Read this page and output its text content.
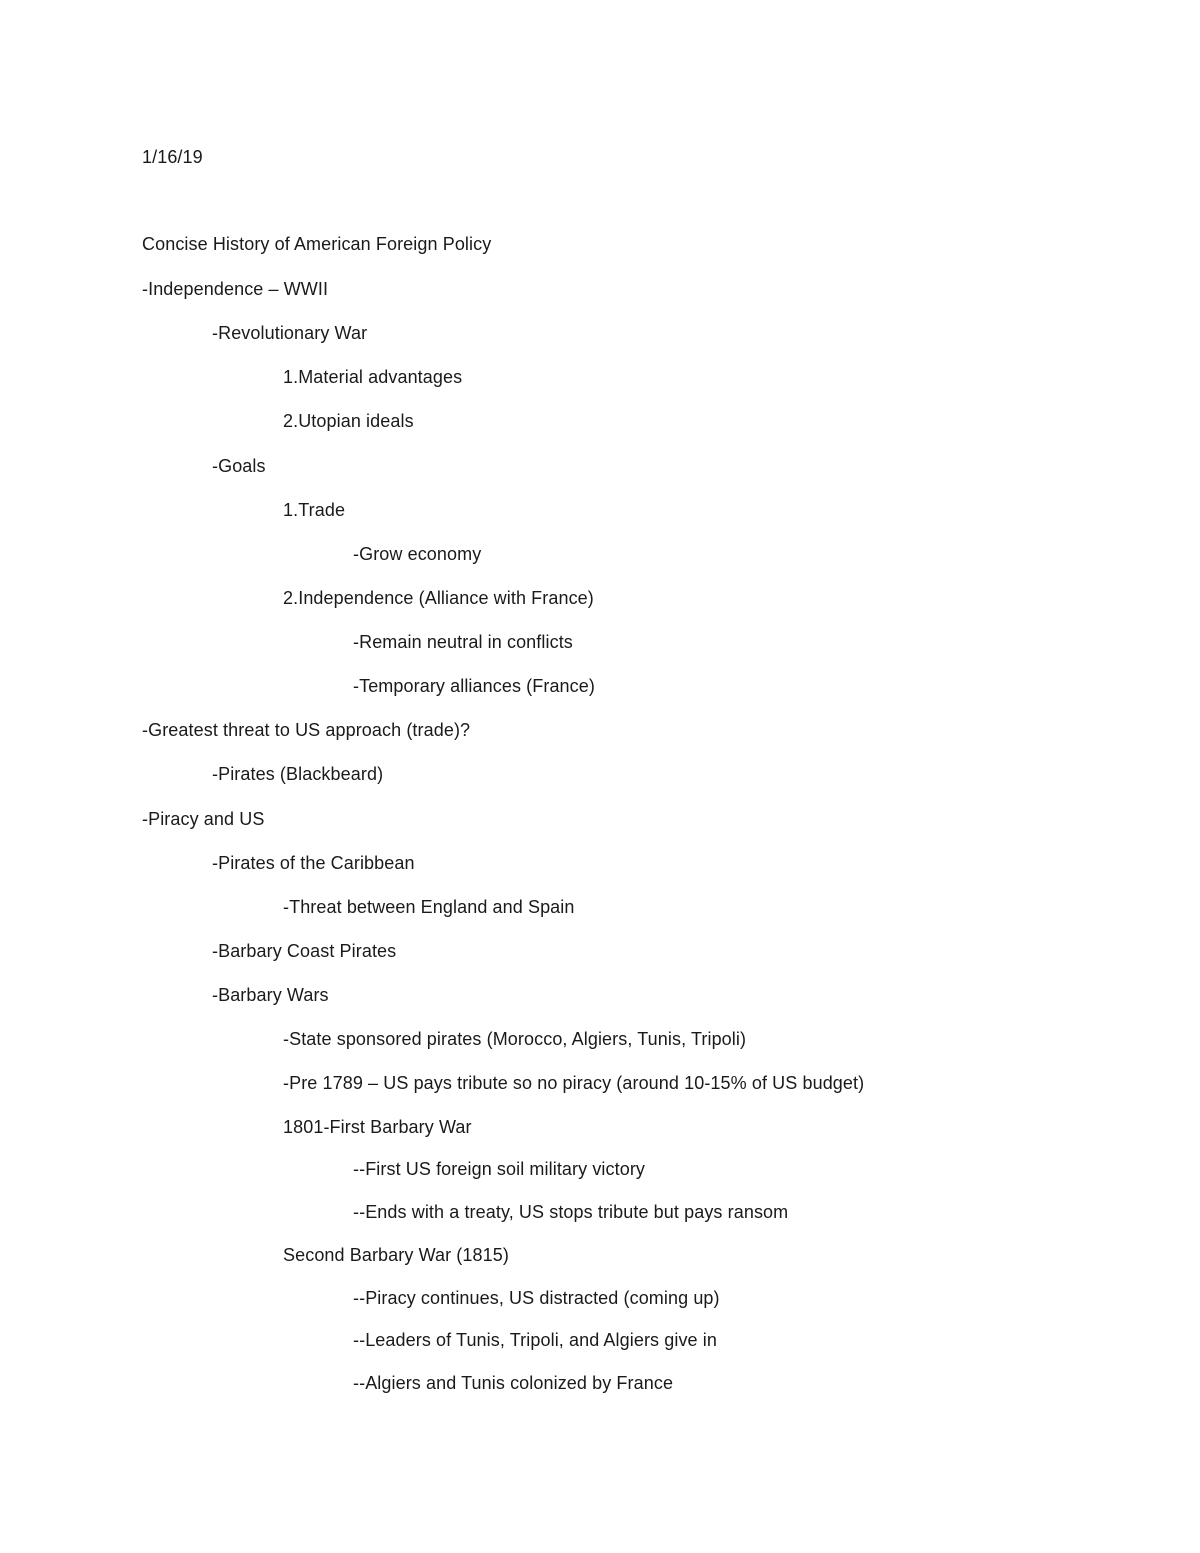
1/16/19
Concise History of American Foreign Policy
-Independence – WWII
-Revolutionary War
1.Material advantages
2.Utopian ideals
-Goals
1.Trade
-Grow economy
2.Independence (Alliance with France)
-Remain neutral in conflicts
-Temporary alliances (France)
-Greatest threat to US approach (trade)?
-Pirates (Blackbeard)
-Piracy and US
-Pirates of the Caribbean
-Threat between England and Spain
-Barbary Coast Pirates
-Barbary Wars
-State sponsored pirates (Morocco, Algiers, Tunis, Tripoli)
-Pre 1789 – US pays tribute so no piracy (around 10-15% of US budget)
1801-First Barbary War
--First US foreign soil military victory
--Ends with a treaty, US stops tribute but pays ransom
Second Barbary War (1815)
--Piracy continues, US distracted (coming up)
--Leaders of Tunis, Tripoli, and Algiers give in
--Algiers and Tunis colonized by France
